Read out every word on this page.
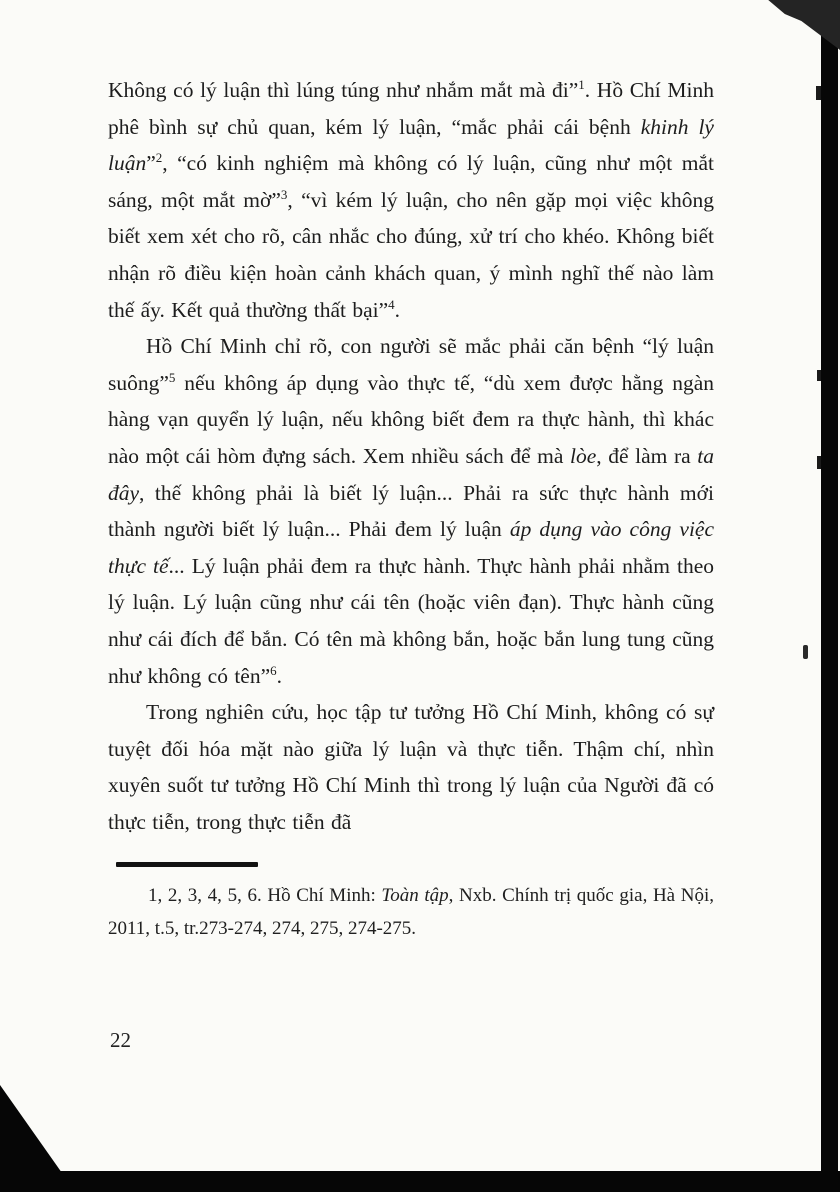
Không có lý luận thì lúng túng như nhắm mắt mà đi”$^1$. Hồ Chí Minh phê bình sự chủ quan, kém lý luận, “mắc phải cái bệnh khinh lý luận”$^2$, “có kinh nghiệm mà không có lý luận, cũng như một mắt sáng, một mắt mờ”$^3$, “vì kém lý luận, cho nên gặp mọi việc không biết xem xét cho rõ, cân nhắc cho đúng, xử trí cho khéo. Không biết nhận rõ điều kiện hoàn cảnh khách quan, ý mình nghĩ thế nào làm thế ấy. Kết quả thường thất bại”$^4$.

Hồ Chí Minh chỉ rõ, con người sẽ mắc phải căn bệnh “lý luận suông”$^5$ nếu không áp dụng vào thực tế, “dù xem được hằng ngàn hàng vạn quyển lý luận, nếu không biết đem ra thực hành, thì khác nào một cái hòm đựng sách. Xem nhiều sách để mà lòe, để làm ra ta đây, thế không phải là biết lý luận... Phải ra sức thực hành mới thành người biết lý luận... Phải đem lý luận áp dụng vào công việc thực tế... Lý luận phải đem ra thực hành. Thực hành phải nhằm theo lý luận. Lý luận cũng như cái tên (hoặc viên đạn). Thực hành cũng như cái đích để bắn. Có tên mà không bắn, hoặc bắn lung tung cũng như không có tên”$^6$.

Trong nghiên cứu, học tập tư tưởng Hồ Chí Minh, không có sự tuyệt đối hóa mặt nào giữa lý luận và thực tiễn. Thậm chí, nhìn xuyên suốt tư tưởng Hồ Chí Minh thì trong lý luận của Người đã có thực tiễn, trong thực tiễn đã

1, 2, 3, 4, 5, 6. Hồ Chí Minh: Toàn tập, Nxb. Chính trị quốc gia, Hà Nội, 2011, t.5, tr.273-274, 274, 275, 274-275.

22
